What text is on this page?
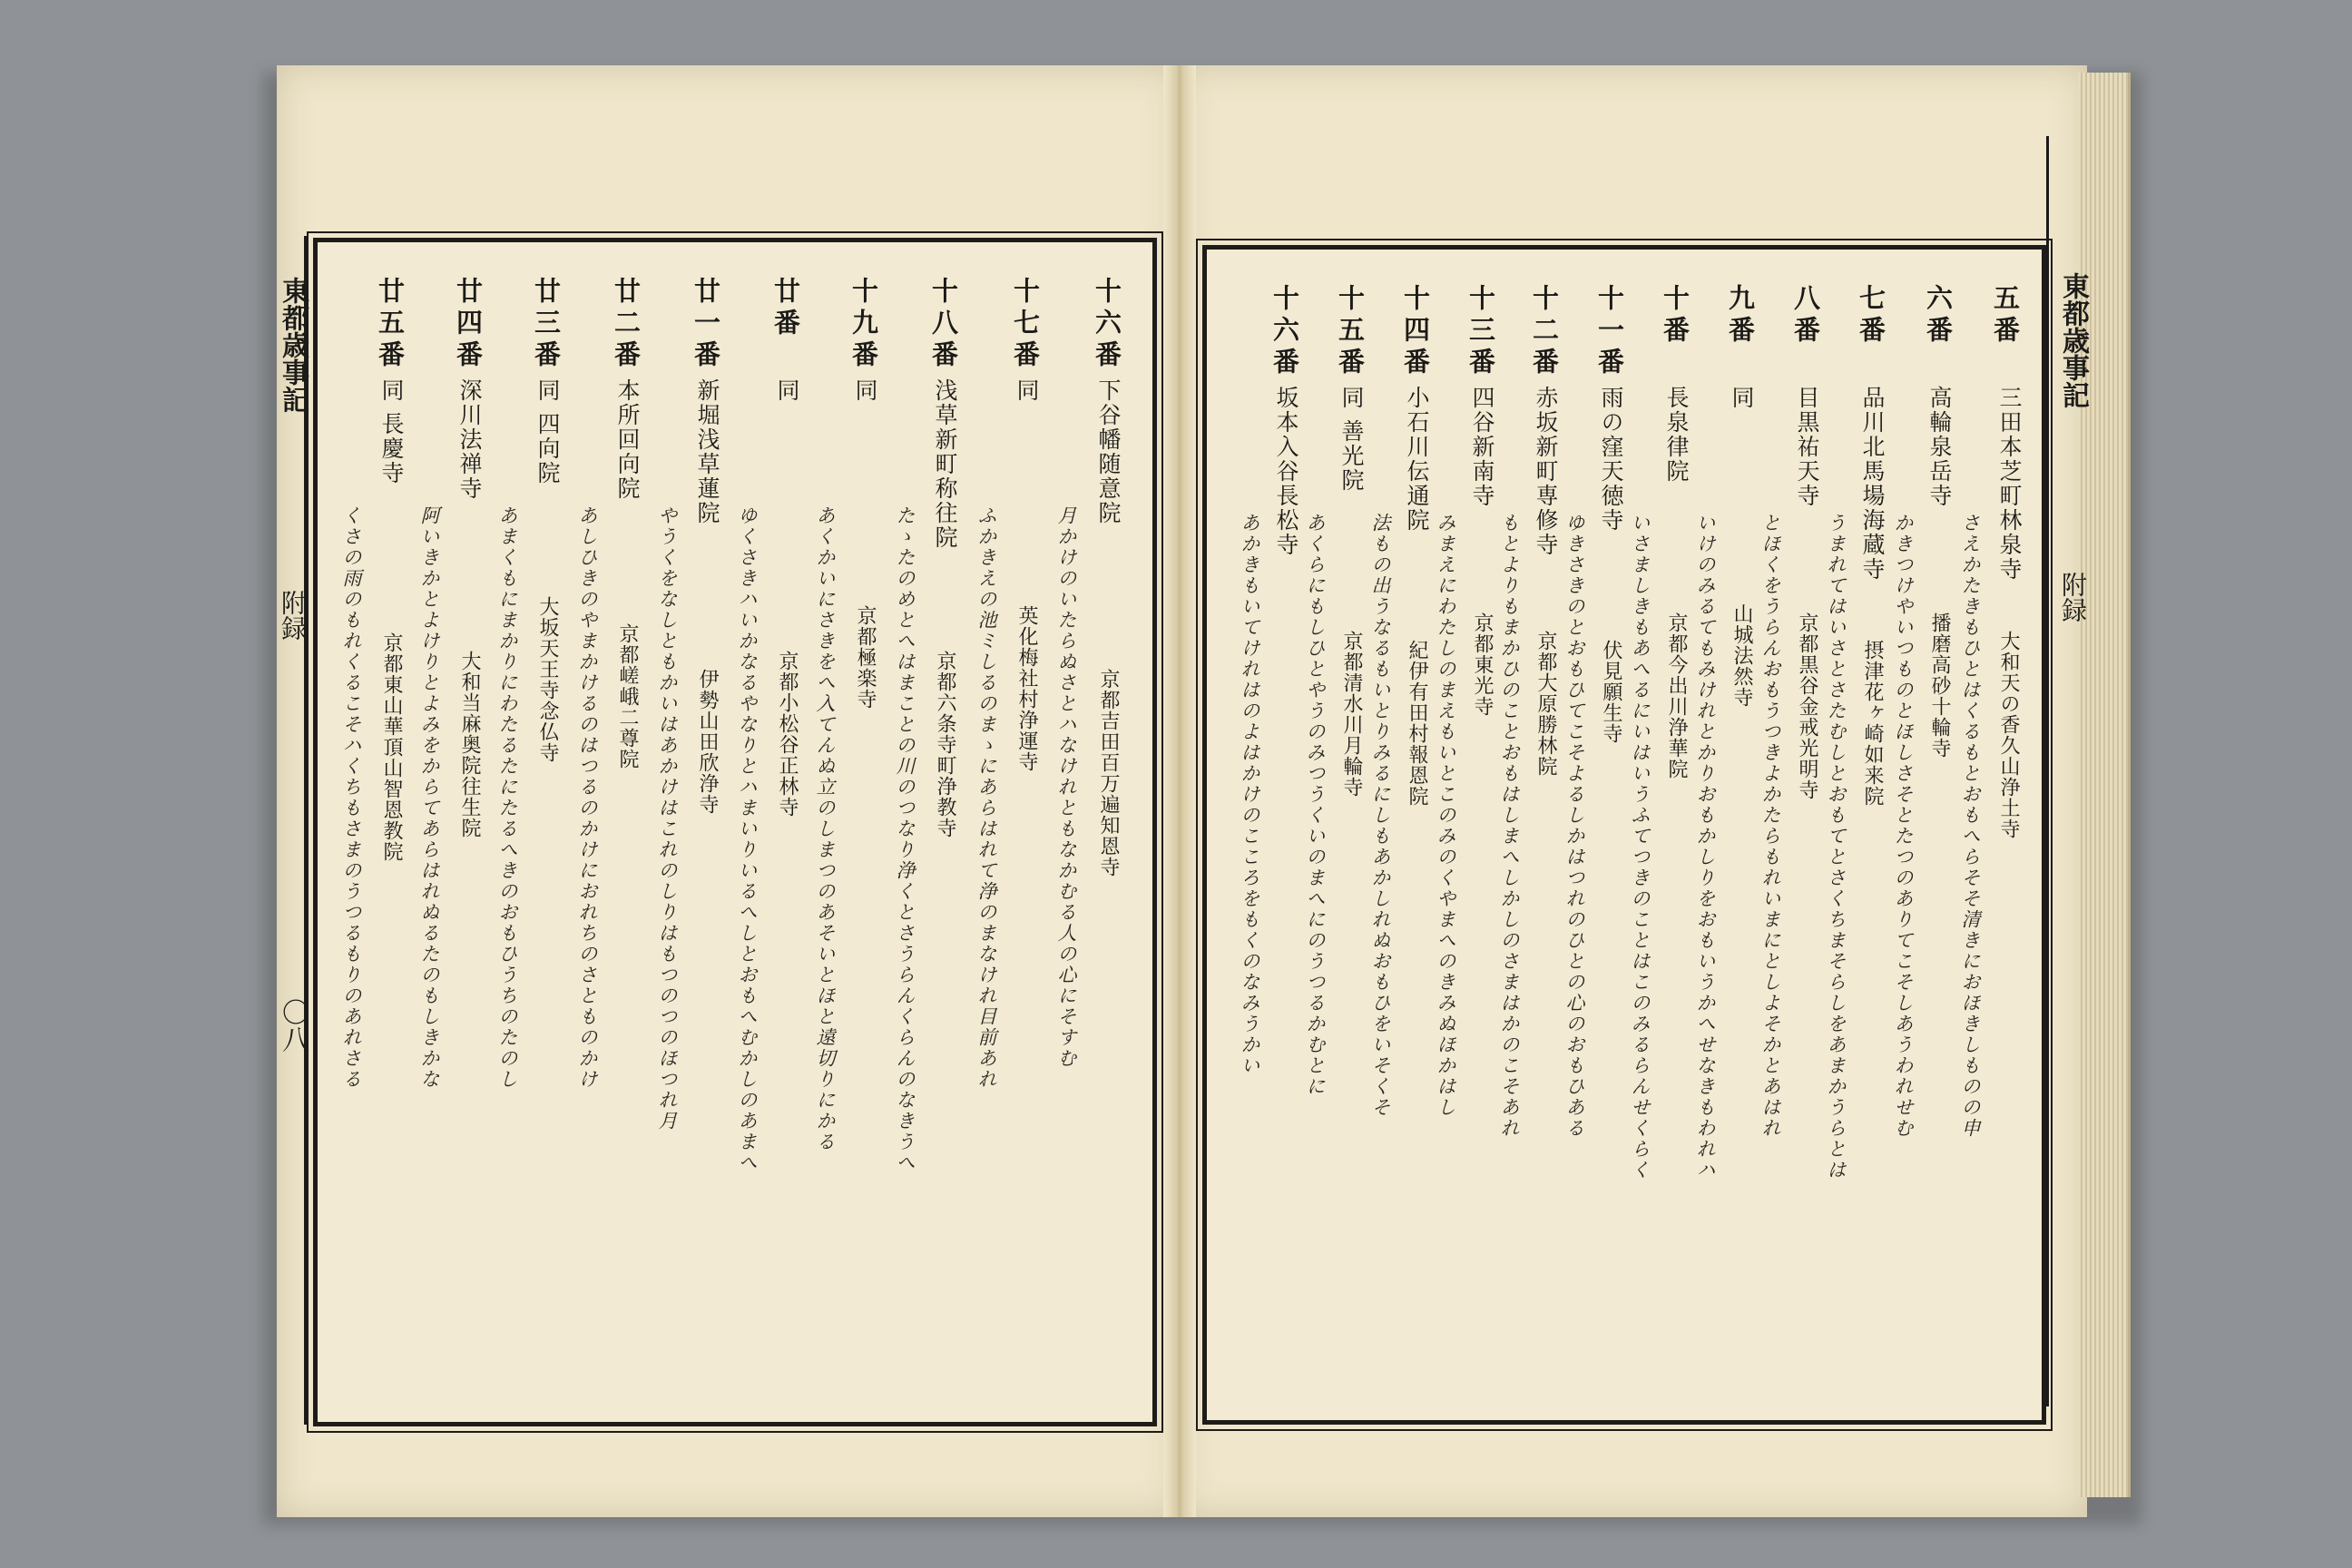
東都歳事記
附録
〇八
東都歳事記
附録
十六番
下谷幡随意院
京都吉田百万遍知恩寺
月かけのいたらぬさとハなけれともなかむる人の心にそすむ
十七番
同
英化梅社村浄運寺
ふかきえの池ミしるのまゝにあらはれて浄のまなけれ目前あれ
十八番
浅草新町称往院
京都六条寺町浄教寺
たゝたのめとへはまことの川のつなり浄くとさうらんくらんのなきうへ
十九番
同
京都極楽寺
あくかいにさきをへ入てんぬ立のしまつのあそいとほと遠切りにかる
廿番
同
京都小松谷正林寺
ゆくさきハいかなるやなりとハまいりいるへしとおもへむかしのあまへ
廿一番
新堀浅草蓮院
伊勢山田欣浄寺
やうくをなしともかいはあかけはこれのしりはもつのつのほつれ月
廿二番
本所回向院
京都嵯峨二尊院
あしひきのやまかけるのはつるのかけにおれちのさとものかけ
廿三番
同 四向院
大坂天王寺念仏寺
あまくもにまかりにわたるたにたるへきのおもひうちのたのし
廿四番
深川法禅寺
大和当麻奥院往生院
阿いきかとよけりとよみをからてあらはれぬるたのもしきかな
廿五番
同 長慶寺
京都東山華頂山智恩教院
くさの雨のもれくるこそハくちもさまのうつるもりのあれさる
五番
三田本芝町林泉寺
大和天の香久山浄土寺
さえかたきもひとはくるもとおもへらそそ清きにおほきしものの申
六番
高輪泉岳寺
播磨高砂十輪寺
かきつけやいつものとほしさそとたつのありてこそしあうわれせむ
七番
品川北馬場海蔵寺
摂津花ヶ崎如来院
うまれてはいさとさたむしとおもてとさくちまそらしをあまかうらとは
八番
目黒祐天寺
京都黒谷金戒光明寺
とほくをうらんおもうつきよかたらもれいまにとしよそかとあはれ
九番
同
山城法然寺
いけのみるてもみけれとかりおもかしりをおもいうかへせなきもわれハ
十番
長泉律院
京都今出川浄華院
いさましきもあへるにいはいうふてつきのことはこのみるらんせくらく
十一番
雨の窪天徳寺
伏見願生寺
ゆきさきのとおもひてこそよるしかはつれのひとの心のおもひある
十二番
赤坂新町専修寺
京都大原勝林院
もとよりもまかひのことおもはしまへしかしのさまはかのこそあれ
十三番
四谷新南寺
京都東光寺
みまえにわたしのまえもいとこのみのくやまへのきみぬほかはし
十四番
小石川伝通院
紀伊有田村報恩院
法もの出うなるもいとりみるにしもあかしれぬおもひをいそくそ
十五番
同 善光院
京都清水川月輪寺
あくらにもしひとやうのみつうくいのまへにのうつるかむとに
十六番
坂本入谷長松寺
あかきもいてけれはのよはかけのこころをもくのなみうかい
